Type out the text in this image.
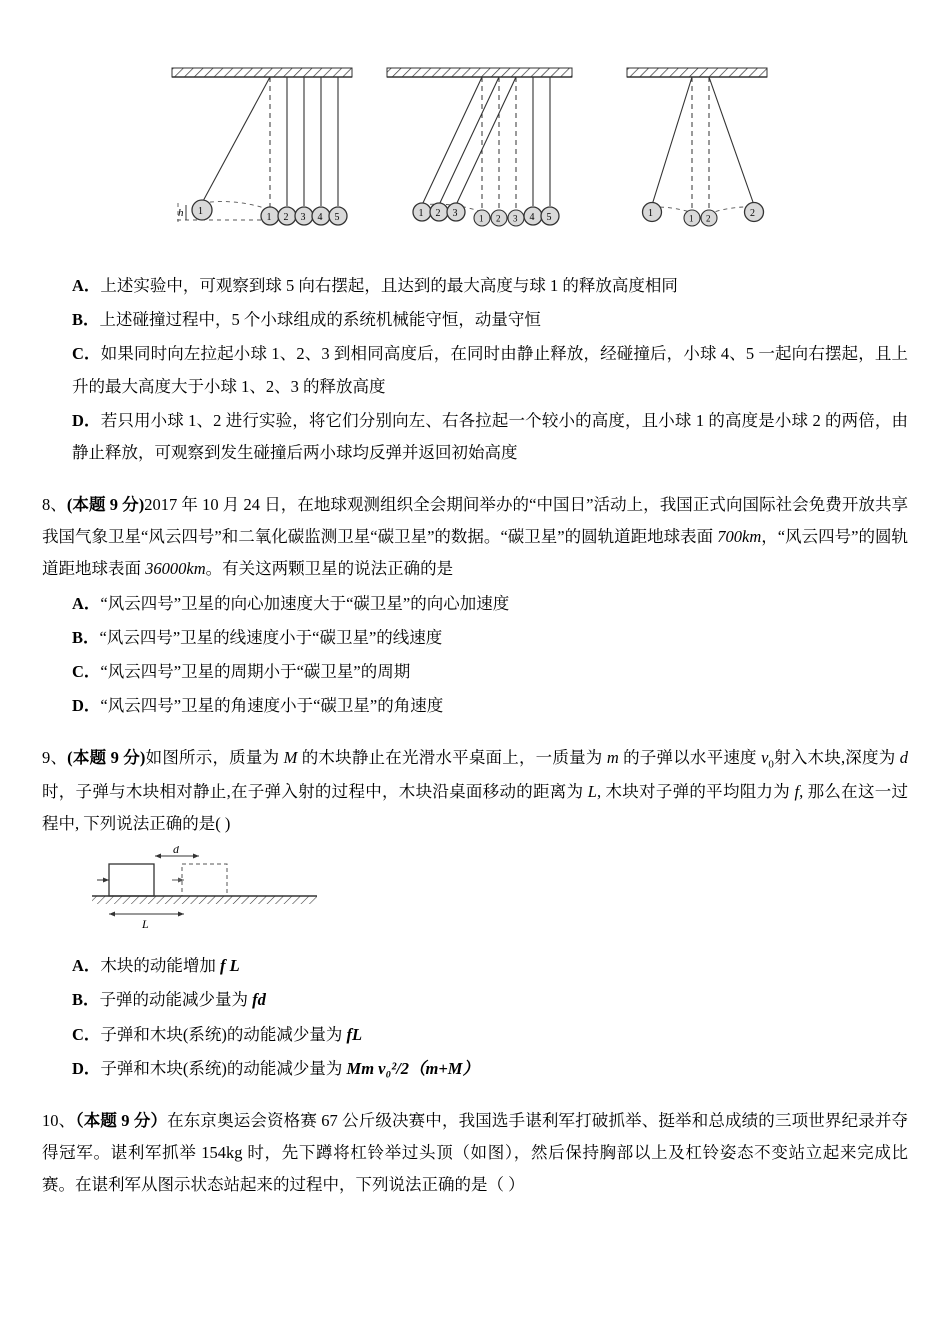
h 1
1 2 3 4 5	1 2 3 1 2 3 4 5	1	1 2	2
A．上述实验中，可观察到球 5 向右摆起，且达到的最大高度与球 1 的释放高度相同
B．上述碰撞过程中，5 个小球组成的系统机械能守恒，动量守恒
C．如果同时向左拉起小球 1、2、3 到相同高度后，在同时由静止释放，经碰撞后，小球 4、5 一起向右摆起，且上升的最大高度大于小球 1、2、3 的释放高度
D．若只用小球 1、2 进行实验，将它们分别向左、右各拉起一个较小的高度，且小球 1 的高度是小球 2 的两倍，由静止释放，可观察到发生碰撞后两小球均反弹并返回初始高度
8、(本题 9 分)2017 年 10 月 24 日，在地球观测组织全会期间举办的“中国日”活动上，我国正式向国际社会免费开放共享我国气象卫星“风云四号”和二氧化碳监测卫星“碳卫星”的数据。“碳卫星”的圆轨道距地球表面 700km，“风云四号”的圆轨道距地球表面 36000km。有关这两颗卫星的说法正确的是
A．“风云四号”卫星的向心加速度大于“碳卫星”的向心加速度
B．“风云四号”卫星的线速度小于“碳卫星”的线速度
C．“风云四号”卫星的周期小于“碳卫星”的周期
D．“风云四号”卫星的角速度小于“碳卫星”的角速度
9、(本题 9 分)如图所示，质量为 M 的木块静止在光滑水平桌面上，一质量为 m 的子弹以水平速度 $v_0$射入木块,深度为 d 时，子弹与木块相对静止,在子弹入射的过程中，木块沿桌面移动的距离为 L, 木块对子弹的平均阻力为 f, 那么在这一过程中, 下列说法正确的是( )
d
L
A．木块的动能增加 f L
B．子弹的动能减少量为 fd
C．子弹和木块(系统)的动能减少量为 fL
D．子弹和木块(系统)的动能减少量为 Mm v₀²/2（m+M）
10、（本题 9 分）在东京奥运会资格赛 67 公斤级决赛中，我国选手谌利军打破抓举、挺举和总成绩的三项世界纪录并夺得冠军。谌利军抓举 154kg 时，先下蹲将杠铃举过头顶（如图），然后保持胸部以上及杠铃姿态不变站立起来完成比赛。在谌利军从图示状态站起来的过程中，下列说法正确的是（ ）
